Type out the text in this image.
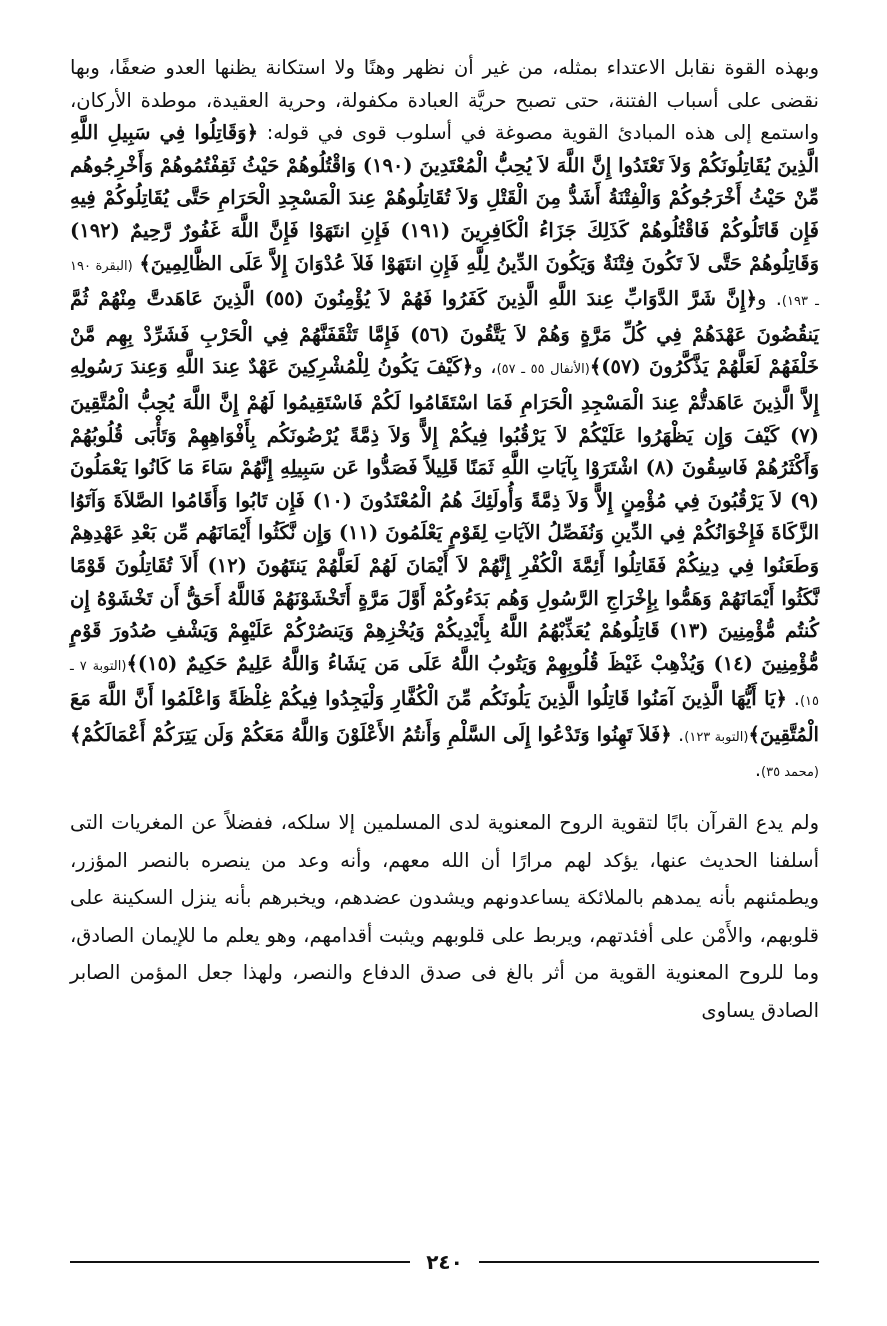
وبهذه القوة نقابل الاعتداء بمثله، من غير أن نظهر وهنًا ولا استكانة يظنها العدو ضعفًا، وبها نقضى على أسباب الفتنة، حتى تصبح حريَّة العبادة مكفولة، وحرية العقيدة، موطدة الأركان، واستمع إلى هذه المبادئ القوية مصوغة في أسلوب قوى في قوله: ﴿وَقَاتِلُوا فِي سَبِيلِ اللَّهِ الَّذِينَ يُقَاتِلُونَكُمْ وَلاَ تَعْتَدُوا إِنَّ اللَّهَ لاَ يُحِبُّ الْمُعْتَدِينَ (١٩٠) وَاقْتُلُوهُمْ حَيْثُ ثَقِفْتُمُوهُمْ وَأَخْرِجُوهُم مِّنْ حَيْثُ أَخْرَجُوكُمْ وَالْفِتْنَةُ أَشَدُّ مِنَ الْقَتْلِ وَلاَ تُقَاتِلُوهُمْ عِندَ الْمَسْجِدِ الْحَرَامِ حَتَّى يُقَاتِلُوكُمْ فِيهِ فَإِن قَاتَلُوكُمْ فَاقْتُلُوهُمْ كَذَلِكَ جَزَاءُ الْكَافِرِينَ (١٩١) فَإِنِ انتَهَوْا فَإِنَّ اللَّهَ غَفُورٌ رَّحِيمٌ (١٩٢) وَقَاتِلُوهُمْ حَتَّى لاَ تَكُونَ فِتْنَةٌ وَيَكُونَ الدِّينُ لِلَّهِ فَإِنِ انتَهَوْا فَلاَ عُدْوَانَ إِلاَّ عَلَى الظَّالِمِينَ﴾ (البقرة ١٩٠ ـ ١٩٣). و﴿إِنَّ شَرَّ الدَّوَابِّ عِندَ اللَّهِ الَّذِينَ كَفَرُوا فَهُمْ لاَ يُؤْمِنُونَ (٥٥) الَّذِينَ عَاهَدتَّ مِنْهُمْ ثُمَّ يَنقُضُونَ عَهْدَهُمْ فِي كُلِّ مَرَّةٍ وَهُمْ لاَ يَتَّقُونَ (٥٦) فَإِمَّا تَثْقَفَنَّهُمْ فِي الْحَرْبِ فَشَرِّدْ بِهِم مَّنْ خَلْفَهُمْ لَعَلَّهُمْ يَذَّكَّرُونَ (٥٧)﴾(الأنفال ٥٥ ـ ٥٧)، و﴿كَيْفَ يَكُونُ لِلْمُشْرِكِينَ عَهْدٌ عِندَ اللَّهِ وَعِندَ رَسُولِهِ إِلاَّ الَّذِينَ عَاهَدتُّمْ عِندَ الْمَسْجِدِ الْحَرَامِ فَمَا اسْتَقَامُوا لَكُمْ فَاسْتَقِيمُوا لَهُمْ إِنَّ اللَّهَ يُحِبُّ الْمُتَّقِينَ (٧) كَيْفَ وَإِن يَظْهَرُوا عَلَيْكُمْ لاَ يَرْقُبُوا فِيكُمْ إِلاًّ وَلاَ ذِمَّةً يُرْضُونَكُم بِأَفْوَاهِهِمْ وَتَأْبَى قُلُوبُهُمْ وَأَكْثَرُهُمْ فَاسِقُونَ (٨) اشْتَرَوْا بِآيَاتِ اللَّهِ ثَمَنًا قَلِيلاً فَصَدُّوا عَن سَبِيلِهِ إِنَّهُمْ سَاءَ مَا كَانُوا يَعْمَلُونَ (٩) لاَ يَرْقُبُونَ فِي مُؤْمِنٍ إِلاًّ وَلاَ ذِمَّةً وَأُولَئِكَ هُمُ الْمُعْتَدُونَ (١٠) فَإِن تَابُوا وَأَقَامُوا الصَّلاَةَ وَآتَوُا الزَّكَاةَ فَإِخْوَانُكُمْ فِي الدِّينِ وَنُفَصِّلُ الآيَاتِ لِقَوْمٍ يَعْلَمُونَ (١١) وَإِن نَّكَثُوا أَيْمَانَهُم مِّن بَعْدِ عَهْدِهِمْ وَطَعَنُوا فِي دِينِكُمْ فَقَاتِلُوا أَئِمَّةَ الْكُفْرِ إِنَّهُمْ لاَ أَيْمَانَ لَهُمْ لَعَلَّهُمْ يَنتَهُونَ (١٢) أَلاَ تُقَاتِلُونَ قَوْمًا نَّكَثُوا أَيْمَانَهُمْ وَهَمُّوا بِإِخْرَاجِ الرَّسُولِ وَهُم بَدَءُوكُمْ أَوَّلَ مَرَّةٍ أَتَخْشَوْنَهُمْ فَاللَّهُ أَحَقُّ أَن تَخْشَوْهُ إِن كُنتُم مُّؤْمِنِينَ (١٣) قَاتِلُوهُمْ يُعَذِّبْهُمُ اللَّهُ بِأَيْدِيكُمْ وَيُخْزِهِمْ وَيَنصُرْكُمْ عَلَيْهِمْ وَيَشْفِ صُدُورَ قَوْمٍ مُّؤْمِنِينَ (١٤) وَيُذْهِبْ غَيْظَ قُلُوبِهِمْ وَيَتُوبُ اللَّهُ عَلَى مَن يَشَاءُ وَاللَّهُ عَلِيمٌ حَكِيمٌ (١٥)﴾(التوبة ٧ ـ ١٥). ﴿يَا أَيُّهَا الَّذِينَ آمَنُوا قَاتِلُوا الَّذِينَ يَلُونَكُم مِّنَ الْكُفَّارِ وَلْيَجِدُوا فِيكُمْ غِلْظَةً وَاعْلَمُوا أَنَّ اللَّهَ مَعَ الْمُتَّقِينَ﴾(التوبة ١٢٣). ﴿فَلاَ تَهِنُوا وَتَدْعُوا إِلَى السَّلْمِ وَأَنتُمُ الأَعْلَوْنَ وَاللَّهُ مَعَكُمْ وَلَن يَتِرَكُمْ أَعْمَالَكُمْ﴾ (محمد ٣٥).

ولم يدع القرآن بابًا لتقوية الروح المعنوية لدى المسلمين إلا سلكه، ففضلاً عن المغريات التى أسلفنا الحديث عنها، يؤكد لهم مرارًا أن الله معهم، وأنه وعد من ينصره بالنصر المؤزر، ويطمئنهم بأنه يمدهم بالملائكة يساعدونهم ويشدون عضدهم، ويخبرهم بأنه ينزل السكينة على قلوبهم، والأَمْن على أفئدتهم، ويربط على قلوبهم ويثبت أقدامهم، وهو يعلم ما للإيمان الصادق، وما للروح المعنوية القوية من أثر بالغ فى صدق الدفاع والنصر، ولهذا جعل المؤمن الصابر الصادق يساوى

٢٤٠
